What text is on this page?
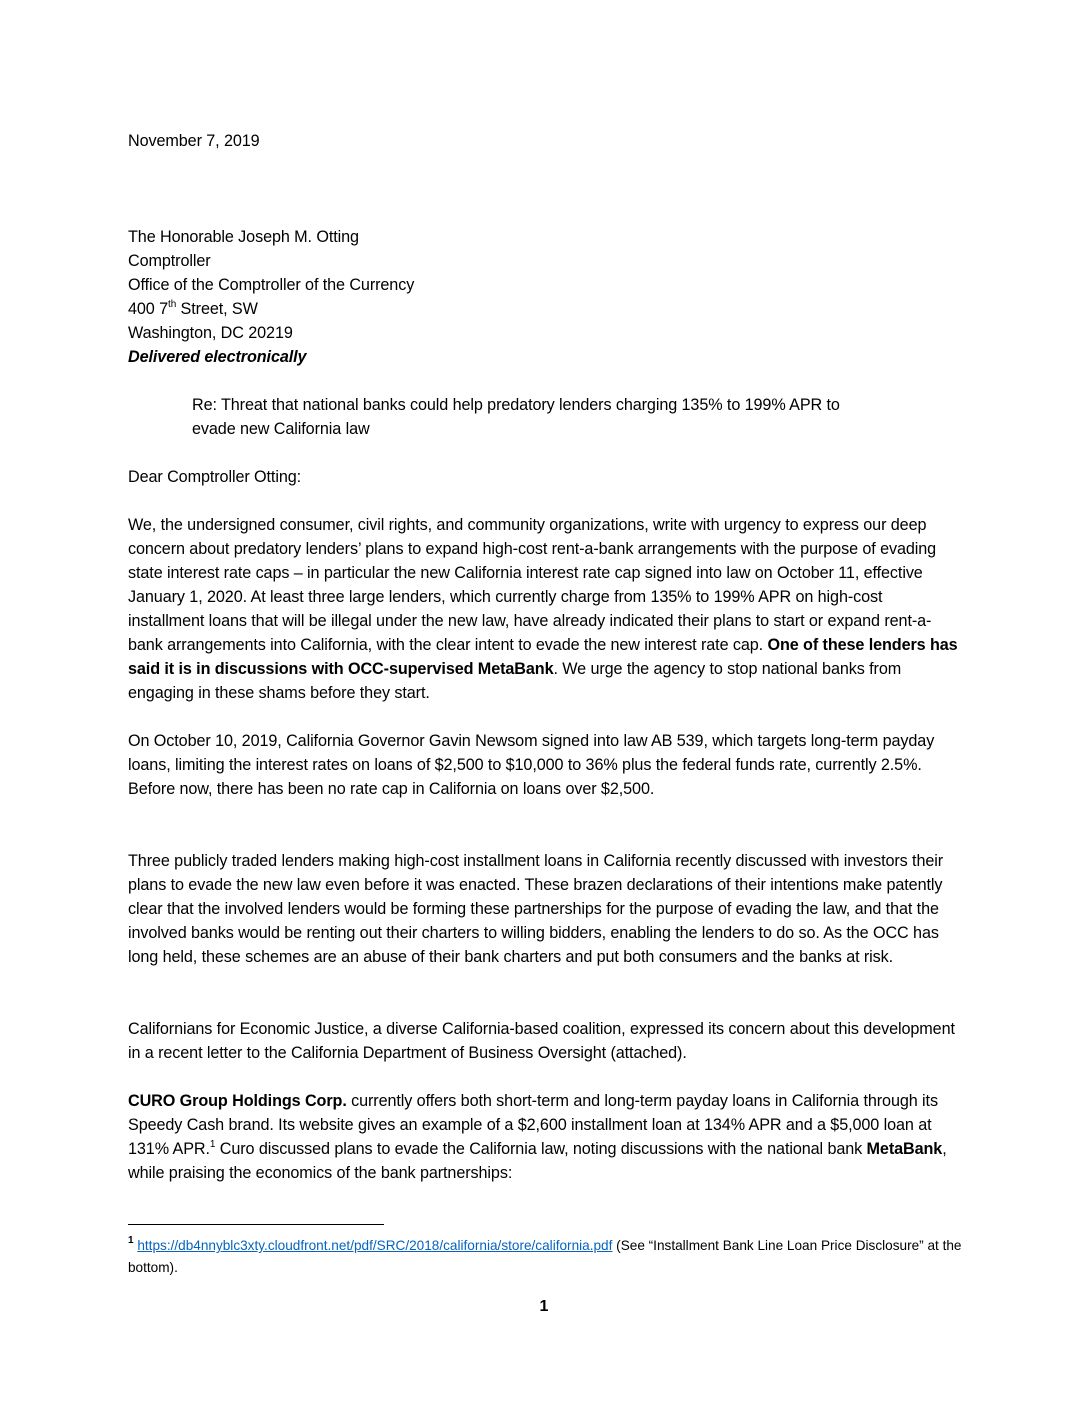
November 7, 2019
The Honorable Joseph M. Otting
Comptroller
Office of the Comptroller of the Currency
400 7th Street, SW
Washington, DC 20219
Delivered electronically
Re: Threat that national banks could help predatory lenders charging 135% to 199% APR to
evade new California law
Dear Comptroller Otting:

We, the undersigned consumer, civil rights, and community organizations, write with urgency to express our deep concern about predatory lenders’ plans to expand high-cost rent-a-bank arrangements with the purpose of evading state interest rate caps – in particular the new California interest rate cap signed into law on October 11, effective January 1, 2020. At least three large lenders, which currently charge from 135% to 199% APR on high-cost installment loans that will be illegal under the new law, have already indicated their plans to start or expand rent-a-bank arrangements into California, with the clear intent to evade the new interest rate cap. One of these lenders has said it is in discussions with OCC-supervised MetaBank. We urge the agency to stop national banks from engaging in these shams before they start.

On October 10, 2019, California Governor Gavin Newsom signed into law AB 539, which targets long-term payday loans, limiting the interest rates on loans of $2,500 to $10,000 to 36% plus the federal funds rate, currently 2.5%. Before now, there has been no rate cap in California on loans over $2,500.

Three publicly traded lenders making high-cost installment loans in California recently discussed with investors their plans to evade the new law even before it was enacted. These brazen declarations of their intentions make patently clear that the involved lenders would be forming these partnerships for the purpose of evading the law, and that the involved banks would be renting out their charters to willing bidders, enabling the lenders to do so. As the OCC has long held, these schemes are an abuse of their bank charters and put both consumers and the banks at risk.

Californians for Economic Justice, a diverse California-based coalition, expressed its concern about this development in a recent letter to the California Department of Business Oversight (attached).

CURO Group Holdings Corp. currently offers both short-term and long-term payday loans in California through its Speedy Cash brand. Its website gives an example of a $2,600 installment loan at 134% APR and a $5,000 loan at 131% APR.$^1$ Curo discussed plans to evade the California law, noting discussions with the national bank MetaBank, while praising the economics of the bank partnerships:

$^1$ https://db4nnyblc3xty.cloudfront.net/pdf/SRC/2018/california/store/california.pdf (See “Installment Bank Line Loan Price Disclosure” at the bottom).
1
